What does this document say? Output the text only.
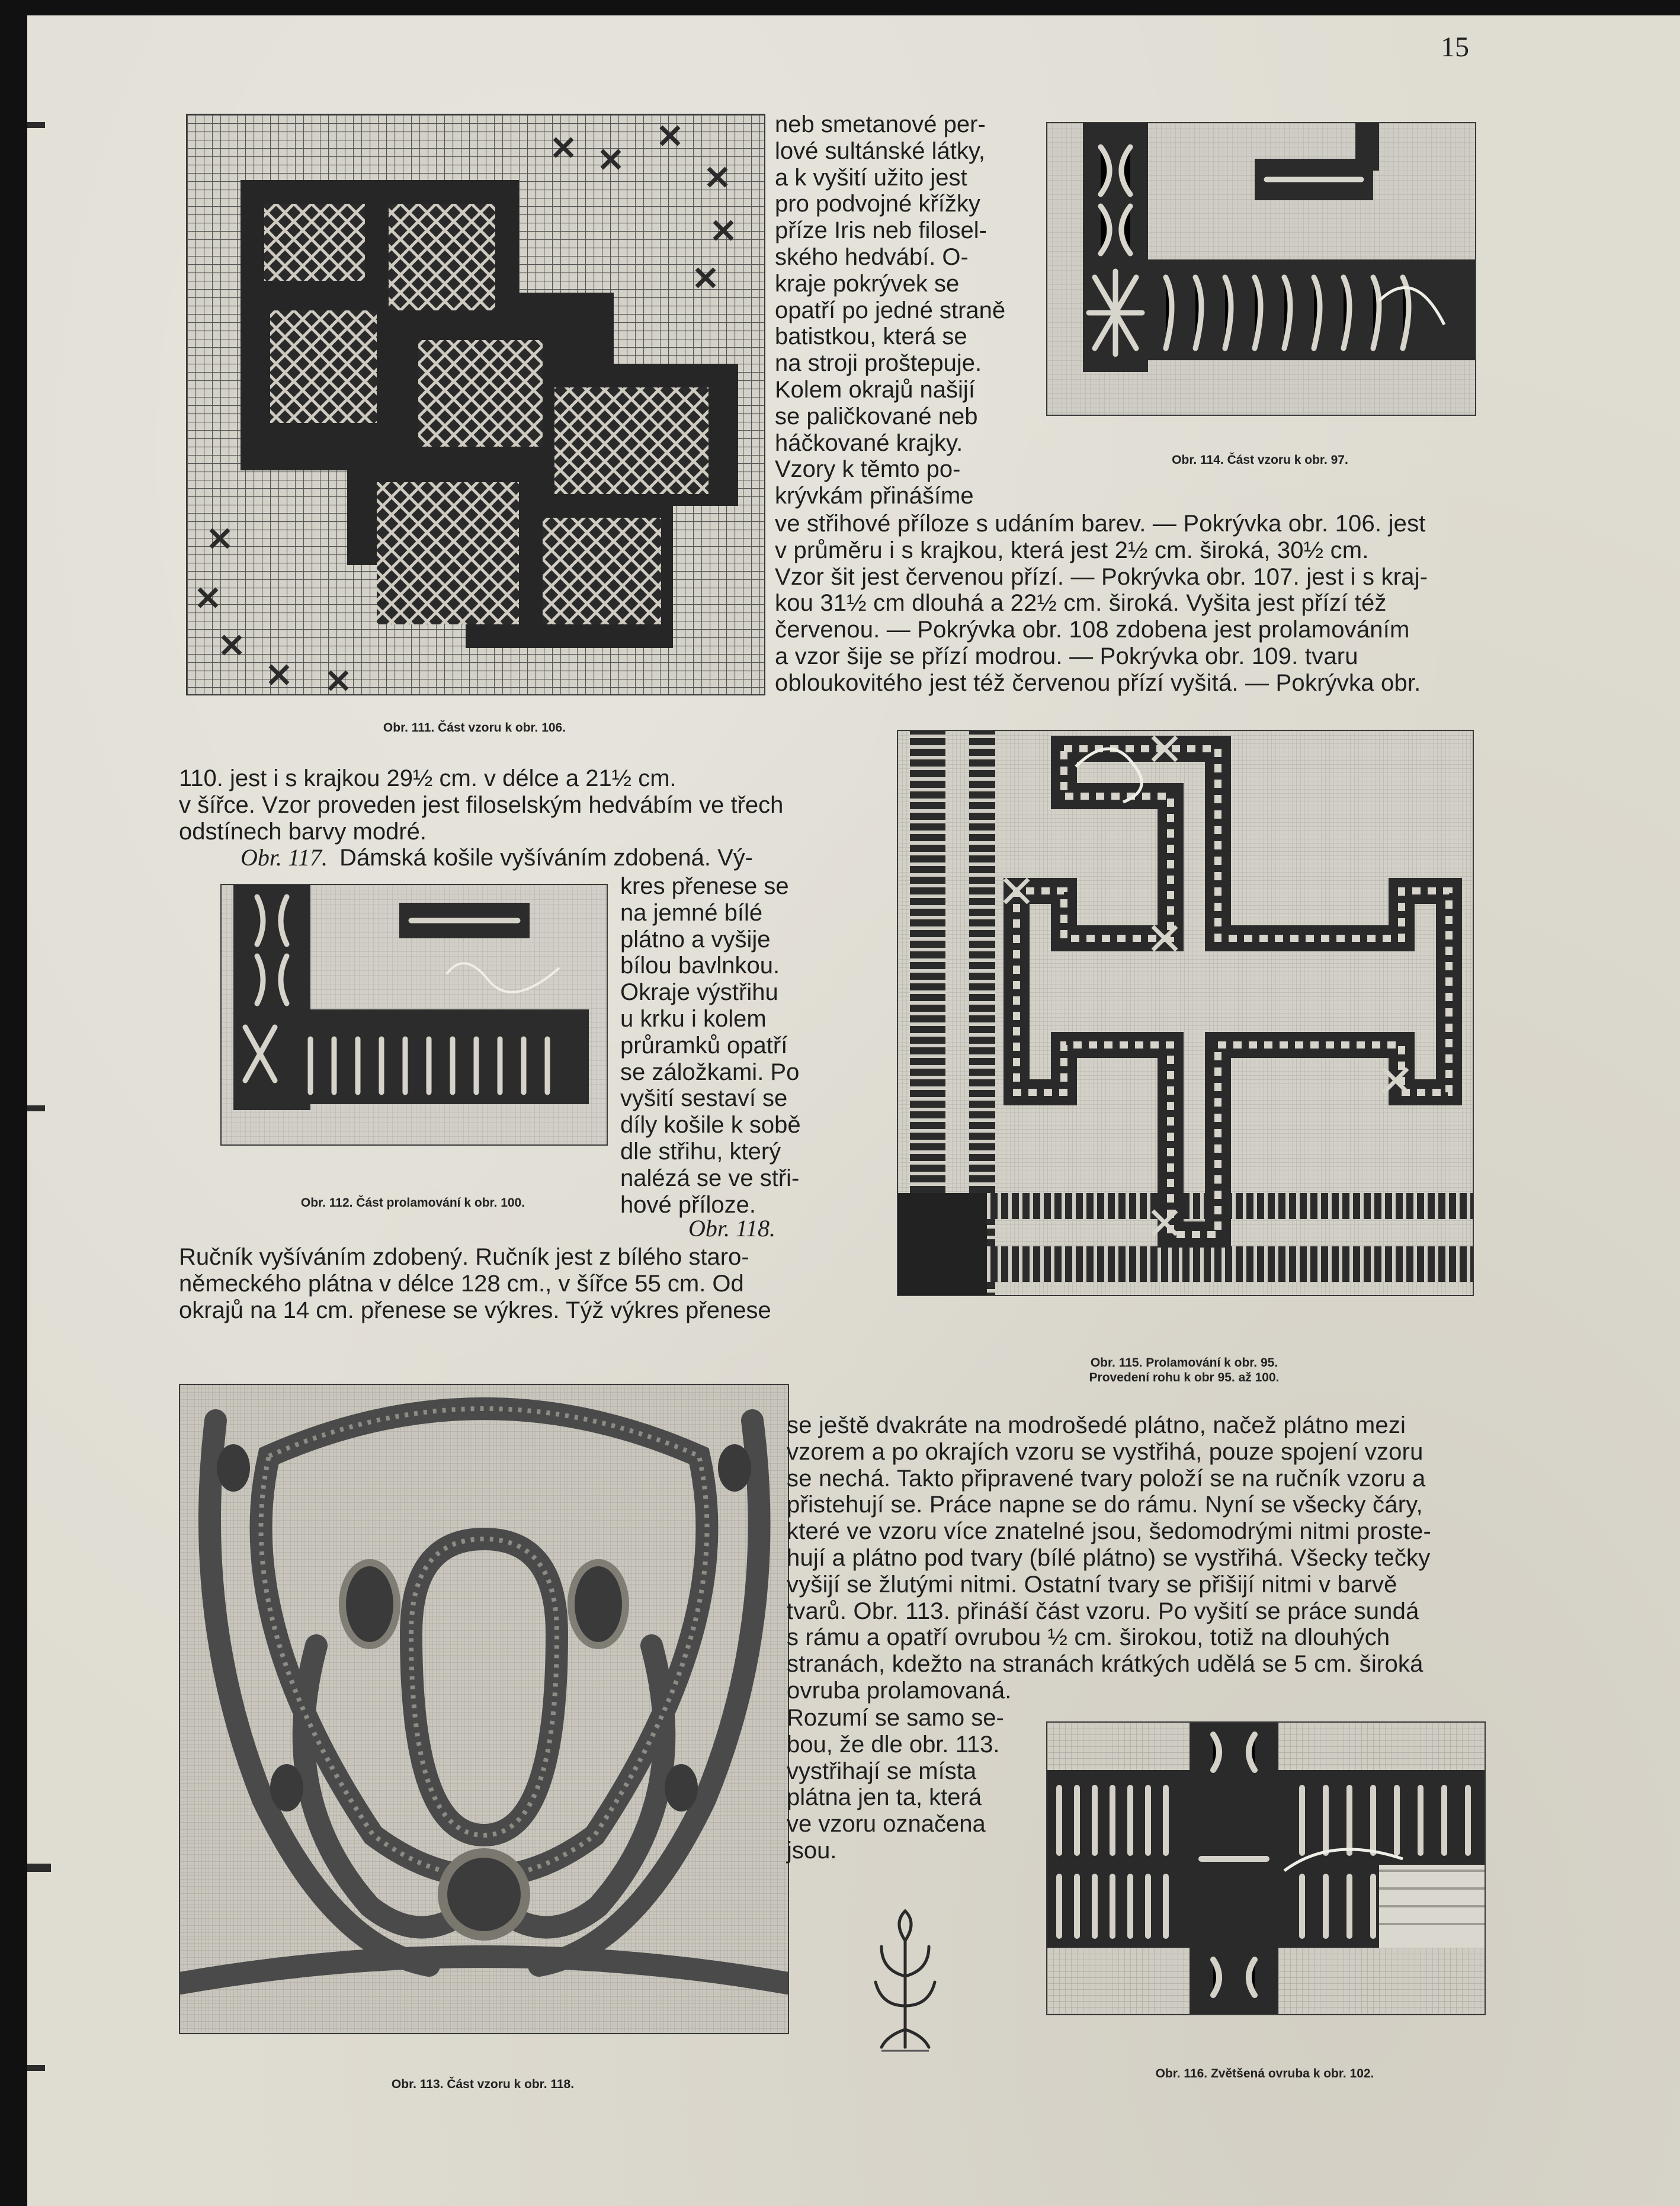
15
Obr. 111. Část vzoru k obr. 106.

neb smetanové per-
lové sultánské látky,
a k vyšití užito jest
pro podvojné křížky
příze Iris neb filosel-
ského hedvábí. O-
kraje pokrývek se
opatří po jedné straně
batistkou, která se
na stroji proštepuje.
Kolem okrajů našijí
se paličkované neb
háčkované krajky.
Vzory k těmto po-
krývkám přinášíme

Obr. 114. Část vzoru k obr. 97.

ve střihové příloze s udáním barev. — Pokrývka obr. 106. jest
v průměru i s krajkou, která jest 2½ cm. široká, 30½ cm.
Vzor šit jest červenou přízí. — Pokrývka obr. 107. jest i s kraj-
kou 31½ cm dlouhá a 22½ cm. široká. Vyšita jest přízí též
červenou. — Pokrývka obr. 108 zdobena jest prolamováním
a vzor šije se přízí modrou. — Pokrývka obr. 109. tvaru
obloukovitého jest též červenou přízí vyšitá. — Pokrývka obr.

110. jest i s krajkou 29½ cm. v délce a 21½ cm.
v šířce. Vzor proveden jest filoselským hedvábím ve třech
odstínech barvy modré.

Obr. 117. Dámská košile vyšíváním zdobená. Vý-
Obr. 112. Část prolamování k obr. 100.

kres přenese se
na jemné bílé
plátno a vyšije
bílou bavlnkou.
Okraje výstřihu
u krku i kolem
průramků opatří
se záložkami. Po
vyšití sestaví se
díly košile k sobě
dle střihu, který
nalézá se ve stři-
hové příloze.

Obr. 118.

Ručník vyšíváním zdobený. Ručník jest z bílého staro-
německého plátna v délce 128 cm., v šířce 55 cm. Od
okrajů na 14 cm. přenese se výkres. Týž výkres přenese

Obr. 115. Prolamování k obr. 95.
Provedení rohu k obr 95. až 100.
Obr. 113. Část vzoru k obr. 118.

se ještě dvakráte na modrošedé plátno, načež plátno mezi
vzorem a po okrajích vzoru se vystřihá, pouze spojení vzoru
se nechá. Takto připravené tvary položí se na ručník vzoru a
přistehují se. Práce napne se do rámu. Nyní se všecky čáry,
které ve vzoru více znatelné jsou, šedomodrými nitmi proste-
hují a plátno pod tvary (bílé plátno) se vystřihá. Všecky tečky
vyšijí se žlutými nitmi. Ostatní tvary se přišijí nitmi v barvě
tvarů. Obr. 113. přináší část vzoru. Po vyšití se práce sundá
s rámu a opatří ovrubou ½ cm. širokou, totiž na dlouhých
stranách, kdežto na stranách krátkých udělá se 5 cm. široká
ovruba prolamovaná.

Rozumí se samo se-
bou, že dle obr. 113.
vystřihají se místa
plátna jen ta, která
ve vzoru označena
jsou.

Obr. 116. Zvětšená ovruba k obr. 102.
